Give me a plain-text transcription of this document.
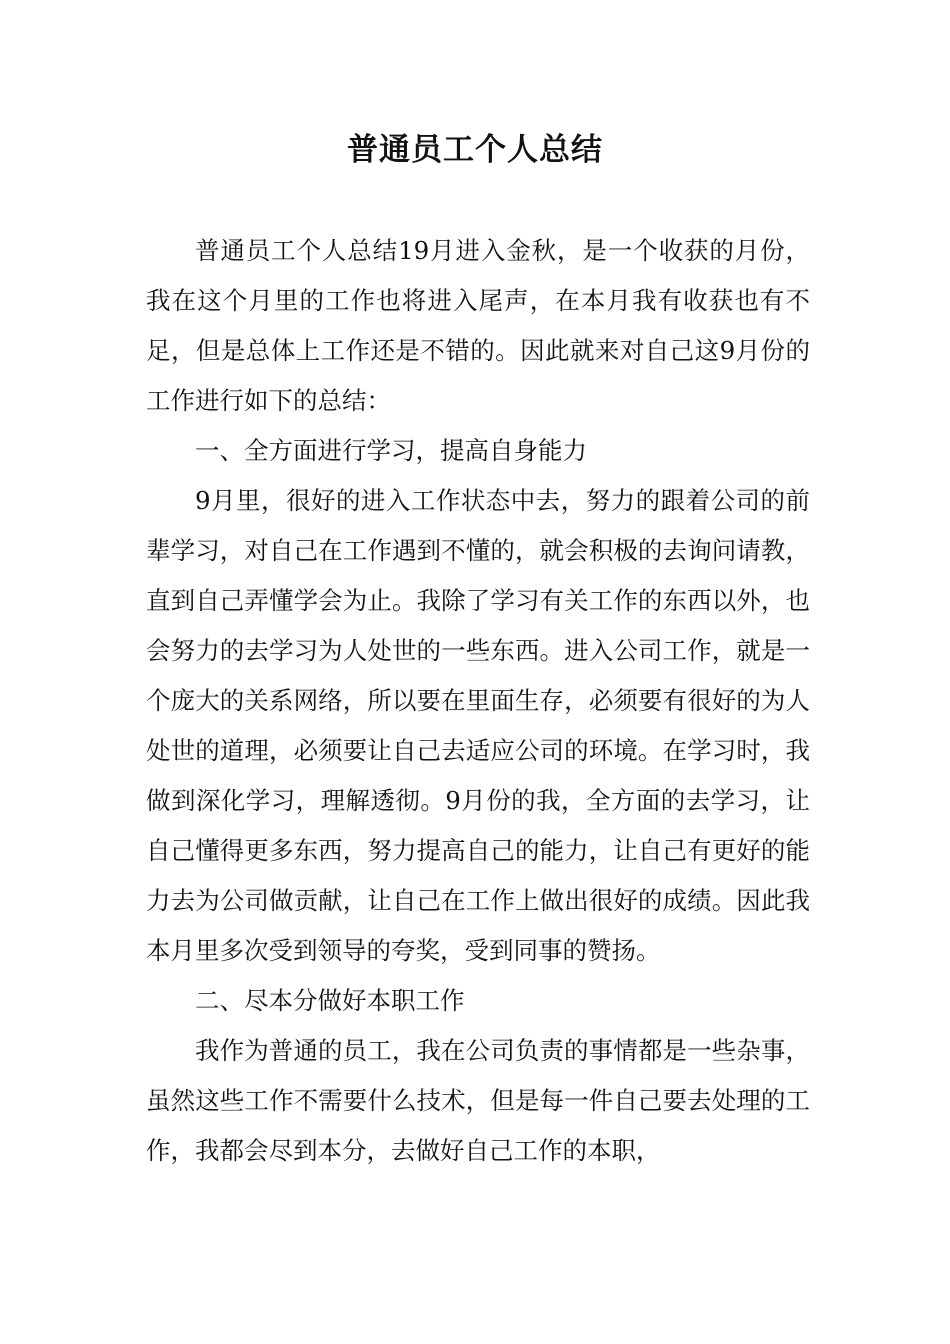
普通员工个人总结

普通员工个人总结19月进入金秋，是一个收获的月份，我在这个月里的工作也将进入尾声，在本月我有收获也有不足，但是总体上工作还是不错的。因此就来对自己这9月份的工作进行如下的总结：

一、全方面进行学习，提高自身能力

9月里，很好的进入工作状态中去，努力的跟着公司的前辈学习，对自己在工作遇到不懂的，就会积极的去询问请教，直到自己弄懂学会为止。我除了学习有关工作的东西以外，也会努力的去学习为人处世的一些东西。进入公司工作，就是一个庞大的关系网络，所以要在里面生存，必须要有很好的为人处世的道理，必须要让自己去适应公司的环境。在学习时，我做到深化学习，理解透彻。9月份的我，全方面的去学习，让自己懂得更多东西，努力提高自己的能力，让自己有更好的能力去为公司做贡献，让自己在工作上做出很好的成绩。因此我本月里多次受到领导的夸奖，受到同事的赞扬。

二、尽本分做好本职工作

我作为普通的员工，我在公司负责的事情都是一些杂事，虽然这些工作不需要什么技术，但是每一件自己要去处理的工作，我都会尽到本分，去做好自己工作的本职，
